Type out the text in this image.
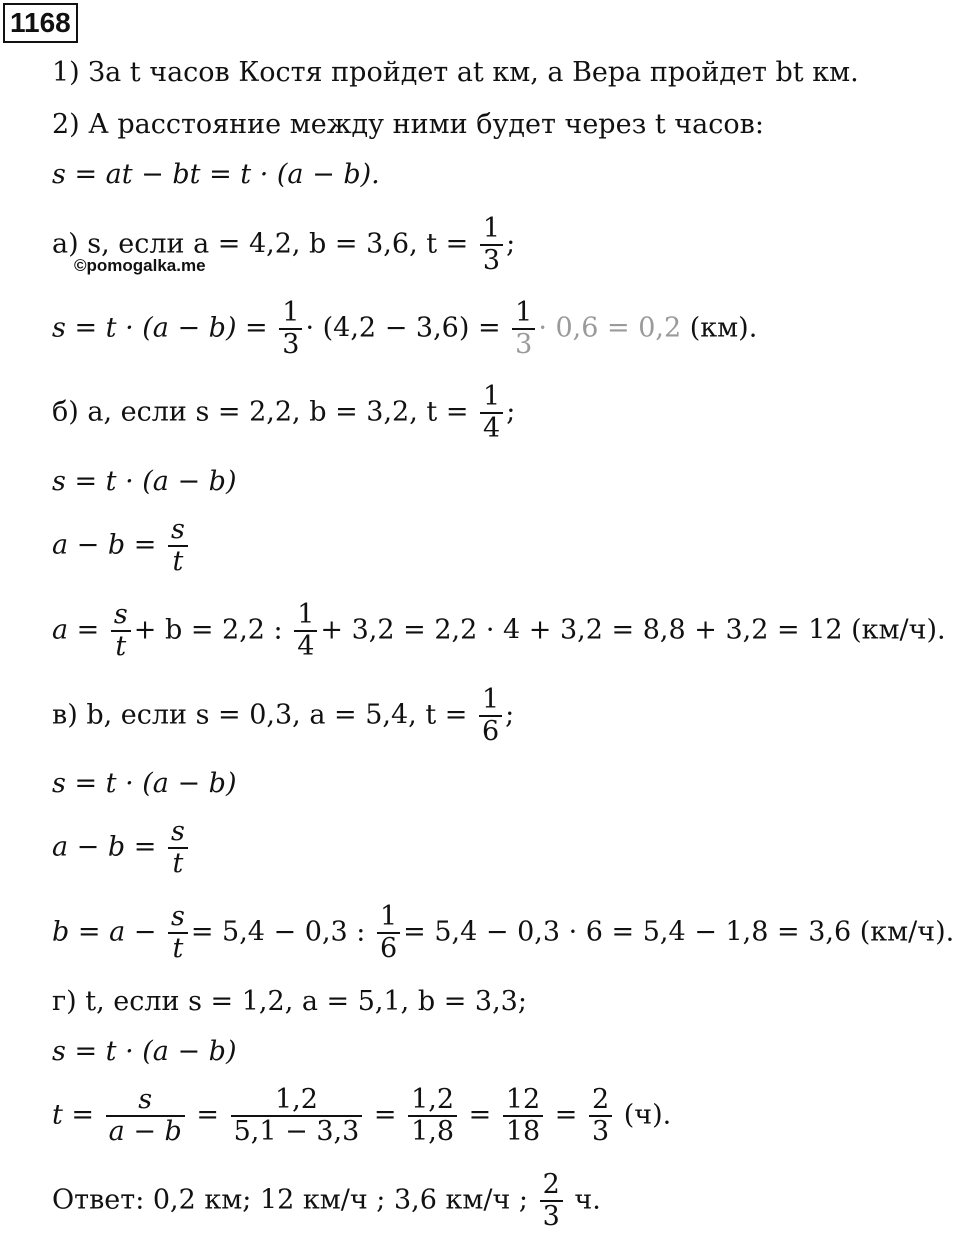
1168
©pomogalka.me
1) За t часов Костя пройдет at км, а Вера пройдет bt км.
2) А расстояние между ними будет через t часов:
s = at − bt = t · (a − b).
а) s, если a = 4,2, b = 3,6, $t = \frac{1}{3}$ ;
$s = t \cdot (a - b) = \frac{1}{3} \cdot (4,2 - 3,6) = \frac{1}{3} \cdot 0,6 = 0,2$ (км).
б) a, если s = 2,2, b = 3,2, $t = \frac{1}{4}$ ;
s = t · (a − b)
$a - b = \frac{s}{t}$
$a = \frac{s}{t} + b = 2,2$ : $\frac{1}{4} + 3,2 = 2,2 \cdot 4 + 3,2 = 8,8 + 3,2 = 12$ (км/ч).
в) b, если s = 0,3, a = 5,4, $t = \frac{1}{6}$ ;
s = t · (a − b)
$a - b = \frac{s}{t}$
$b = a - \frac{s}{t} = 5,4 - 0,3$ : $\frac{1}{6} = 5,4 - 0,3 \cdot 6 = 5,4 - 1,8 = 3,6$ (км/ч).
г) t, если s = 1,2, a = 5,1, b = 3,3;
s = t · (a − b)
$t = \frac{s}{a - b} = \frac{1,2}{5,1 - 3,3} = \frac{1,2}{1,8} = \frac{12}{18} = \frac{2}{3} (ч)$.
Ответ: 0,2 км; 12 км/ч ; 3,6 км/ч ; $\frac{2}{3} ч$.
